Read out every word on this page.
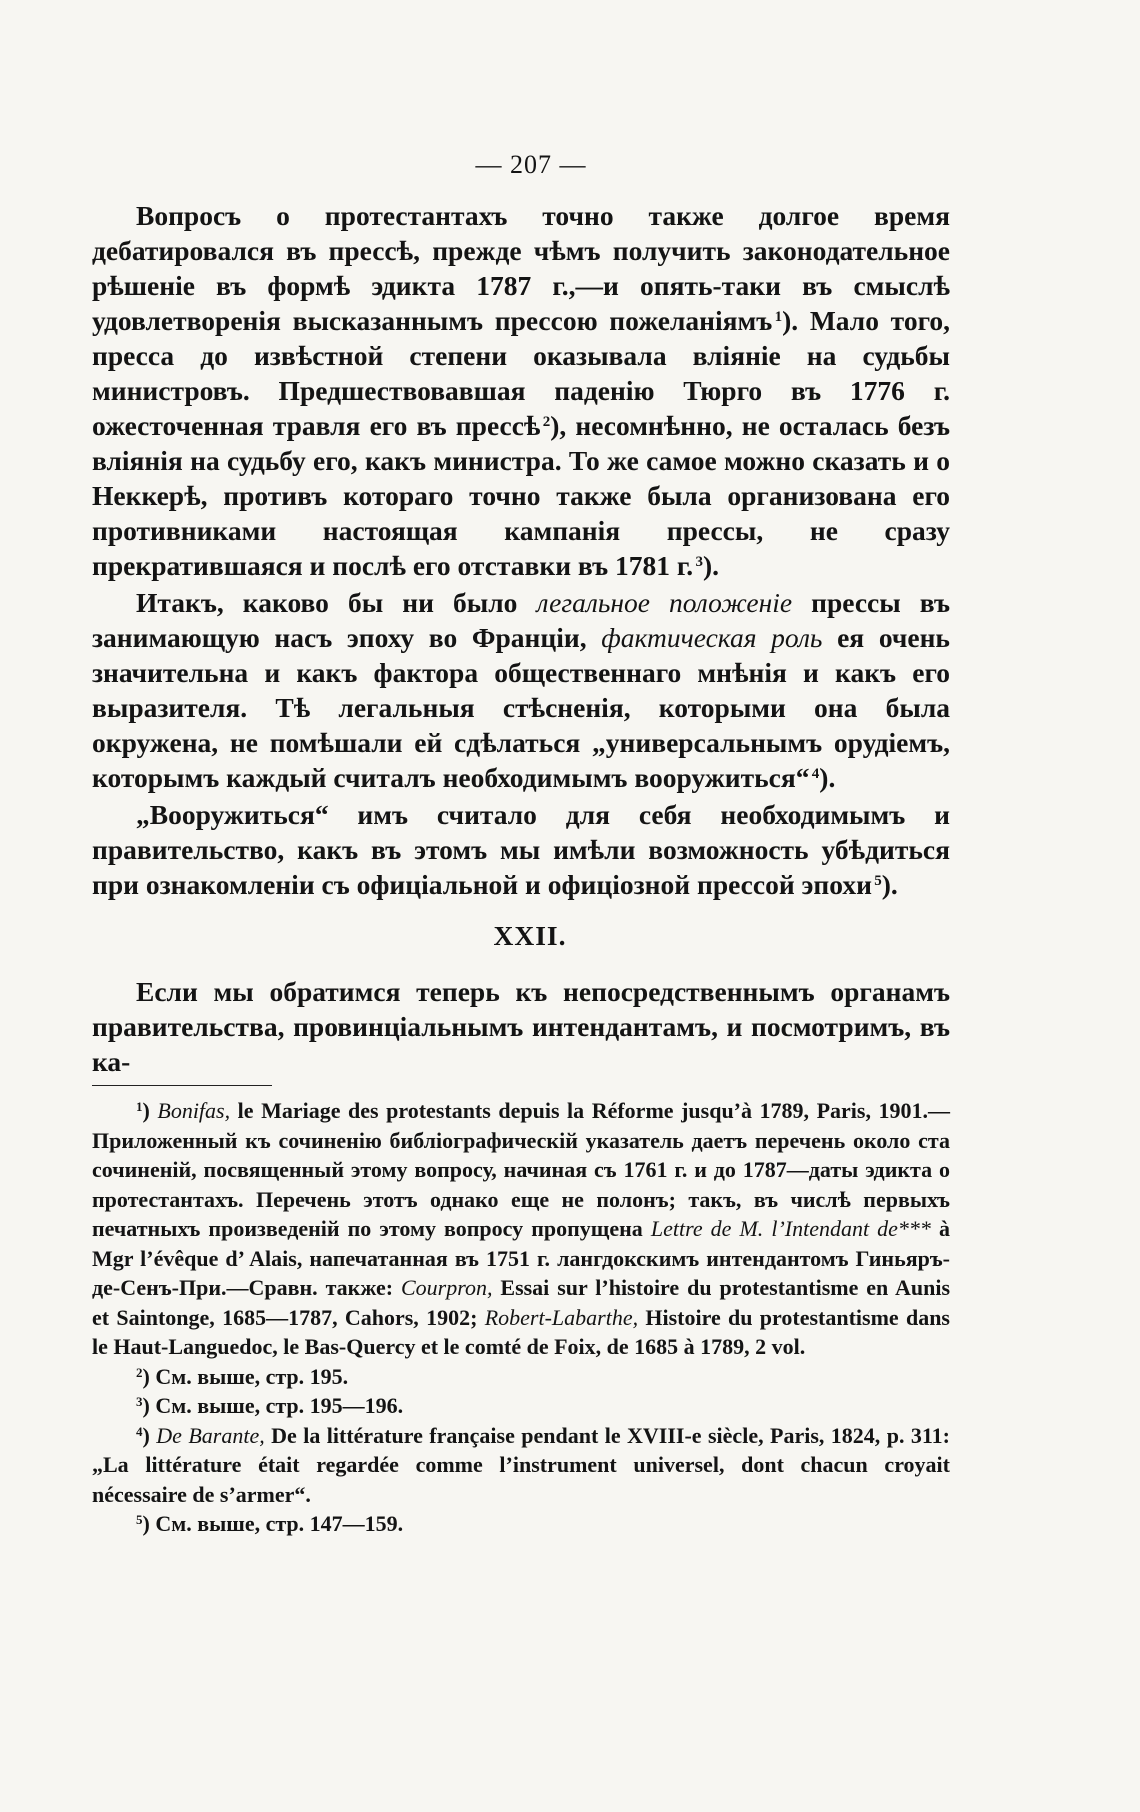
— 207 —

Вопросъ о протестантахъ точно также долгое время дебатировался въ прессѣ, прежде чѣмъ получить законодательное рѣшеніе въ формѣ эдикта 1787 г.,—и опять-таки въ смыслѣ удовлетворенія высказаннымъ прессою пожеланіямъ  $^1$). Мало того, пресса до извѣстной степени оказывала вліяніе на судьбы министровъ. Предшествовавшая паденію Тюрго въ 1776 г. ожесточенная травля его въ прессѣ  $^2$), несомнѣнно, не осталась безъ вліянія на судьбу его, какъ министра. То же самое можно сказать и о Неккерѣ, противъ котораго точно также была организована его противниками настоящая кампанія прессы, не сразу прекратившаяся и послѣ его отставки въ 1781 г.  $^3$).

Итакъ, каково бы ни было легальное положеніе прессы въ занимающую насъ эпоху во Франціи, фактическая роль ея очень значительна и какъ фактора общественнаго мнѣнія и какъ его выразителя. Тѣ легальныя стѣсненія, которыми она была окружена, не помѣшали ей сдѣлаться „универсальнымъ орудіемъ, которымъ каждый считалъ необходимымъ вооружиться“  $^4$).

„Вооружиться“ имъ считало для себя необходимымъ и правительство, какъ въ этомъ мы имѣли возможность убѣдиться при ознакомленіи съ офиціальной и офиціозной прессой эпохи  $^5$).

XXII.

Если мы обратимся теперь къ непосредственнымъ органамъ правительства, провинціальнымъ интендантамъ, и посмотримъ, въ ка-

$^1$) Bonifas, le Mariage des protestants depuis la Réforme jusqu’à 1789, Paris, 1901.—Приложенный къ сочиненію библіографическій указатель даетъ перечень около ста сочиненій, посвященный этому вопросу, начиная съ 1761 г. и до 1787—даты эдикта о протестантахъ. Перечень этотъ однако еще не полонъ; такъ, въ числѣ первыхъ печатныхъ произведеній по этому вопросу пропущена Lettre de M. l’Intendant de*** à Mgr l’évêque d’ Alais, напечатанная въ 1751 г. лангдокскимъ интендантомъ Гиньяръ-де-Сенъ-При.—Сравн. также: Courpron, Essai sur l’histoire du protestantisme en Aunis et Saintonge, 1685—1787, Cahors, 1902; Robert-Labarthe, Histoire du protestantisme dans le Haut-Languedoc, le Bas-Quercy et le comté de Foix, de 1685 à 1789, 2 vol.

$^2$) См. выше, стр. 195.

$^3$) См. выше, стр. 195—196.

$^4$) De Barante, De la littérature française pendant le XVIII-e siècle, Paris, 1824, p. 311: „La littérature était regardée comme l’instrument universel, dont chacun croyait nécessaire de s’armer“.

$^5$) См. выше, стр. 147—159.
